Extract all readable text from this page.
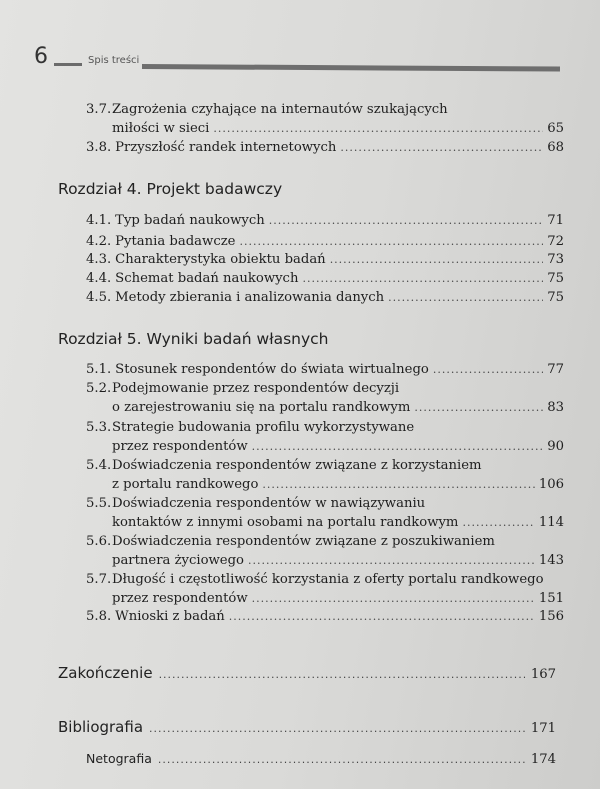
6	Spis treści
3.7. Zagrożenia czyhające na internautów szukających
miłości w sieci .....	65
3.8. Przyszłość randek internetowych .....	68
Rozdział 4. Projekt badawczy
4.1. Typ badań naukowych .....	71
4.2. Pytania badawcze .....	72
4.3. Charakterystyka obiektu badań .....	73
4.4. Schemat badań naukowych .....	75
4.5. Metody zbierania i analizowania danych .....	75
Rozdział 5. Wyniki badań własnych
5.1. Stosunek respondentów do świata wirtualnego .....	77
5.2. Podejmowanie przez respondentów decyzji
o zarejestrowaniu się na portalu randkowym .....	83
5.3. Strategie budowania profilu wykorzystywane
przez respondentów .....	90
5.4. Doświadczenia respondentów związane z korzystaniem
z portalu randkowego .....	106
5.5. Doświadczenia respondentów w nawiązywaniu
kontaktów z innymi osobami na portalu randkowym .....	114
5.6. Doświadczenia respondentów związane z poszukiwaniem
partnera życiowego .....	143
5.7. Długość i częstotliwość korzystania z oferty portalu randkowego
przez respondentów .....	151
5.8. Wnioski z badań .....	156
Zakończenie .....	167
Bibliografia .....	171
Netografia .....	174
